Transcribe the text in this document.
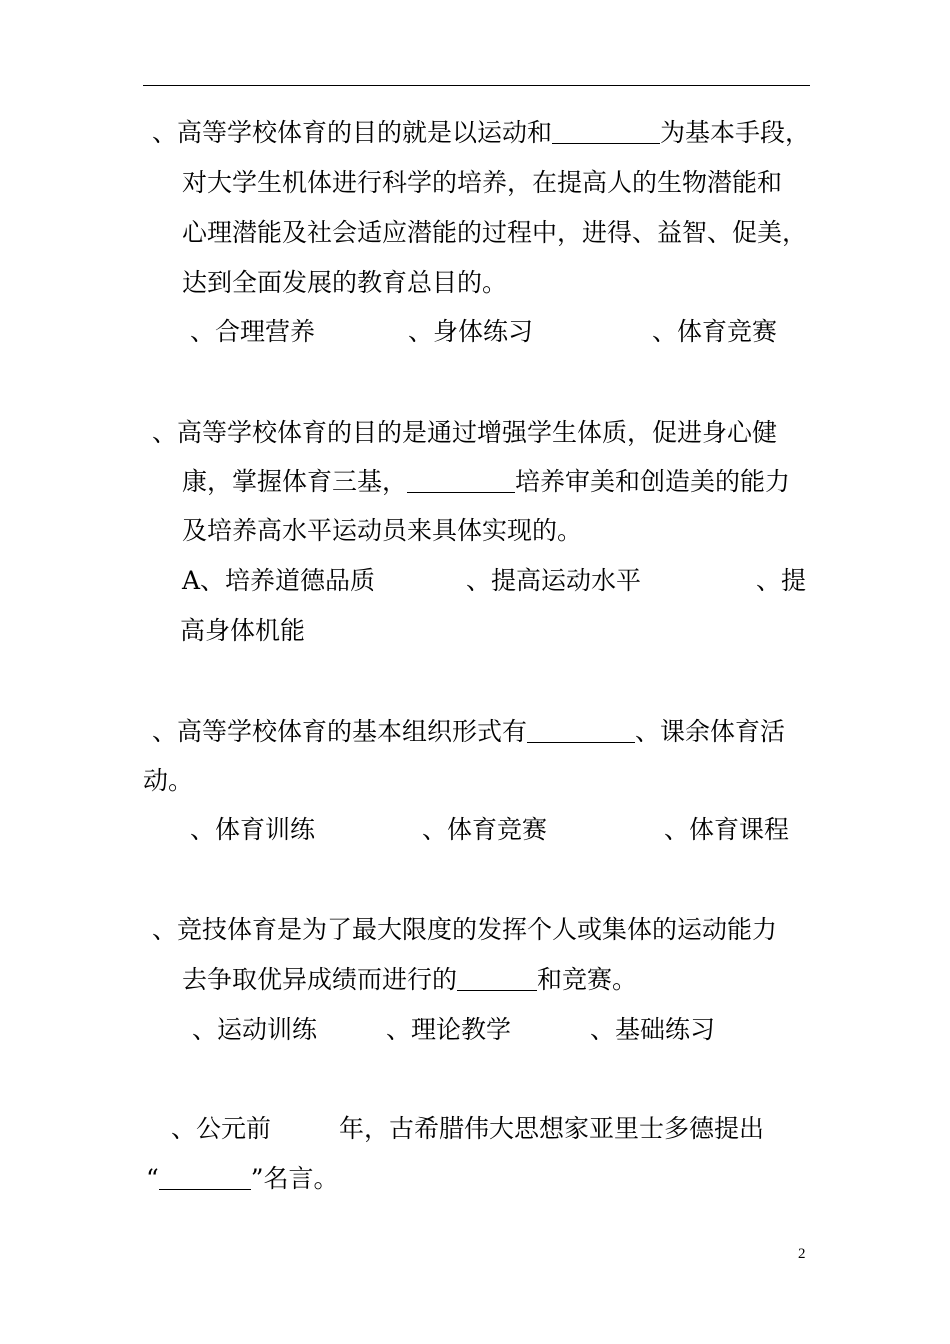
、高等学校体育的目的就是以运动和	为基本手段，
对大学生机体进行科学的培养，在提高人的生物潜能和
心理潜能及社会适应潜能的过程中，进得、益智、促美，
达到全面发展的教育总目的。
、合理营养	、身体练习	、体育竞赛
、高等学校体育的目的是通过增强学生体质，促进身心健
康，掌握体育三基，	培养审美和创造美的能力
及培养高水平运动员来具体实现的。
A、培养道德品质	、提高运动水平	、提
高身体机能
、高等学校体育的基本组织形式有	、课余体育活
动。
、体育训练	、体育竞赛	、体育课程
、竞技体育是为了最大限度的发挥个人或集体的运动能力
去争取优异成绩而进行的	和竞赛。
、运动训练	、理论教学	、基础练习
、公元前	年，古希腊伟大思想家亚里士多德提出
“	”名言。
2
